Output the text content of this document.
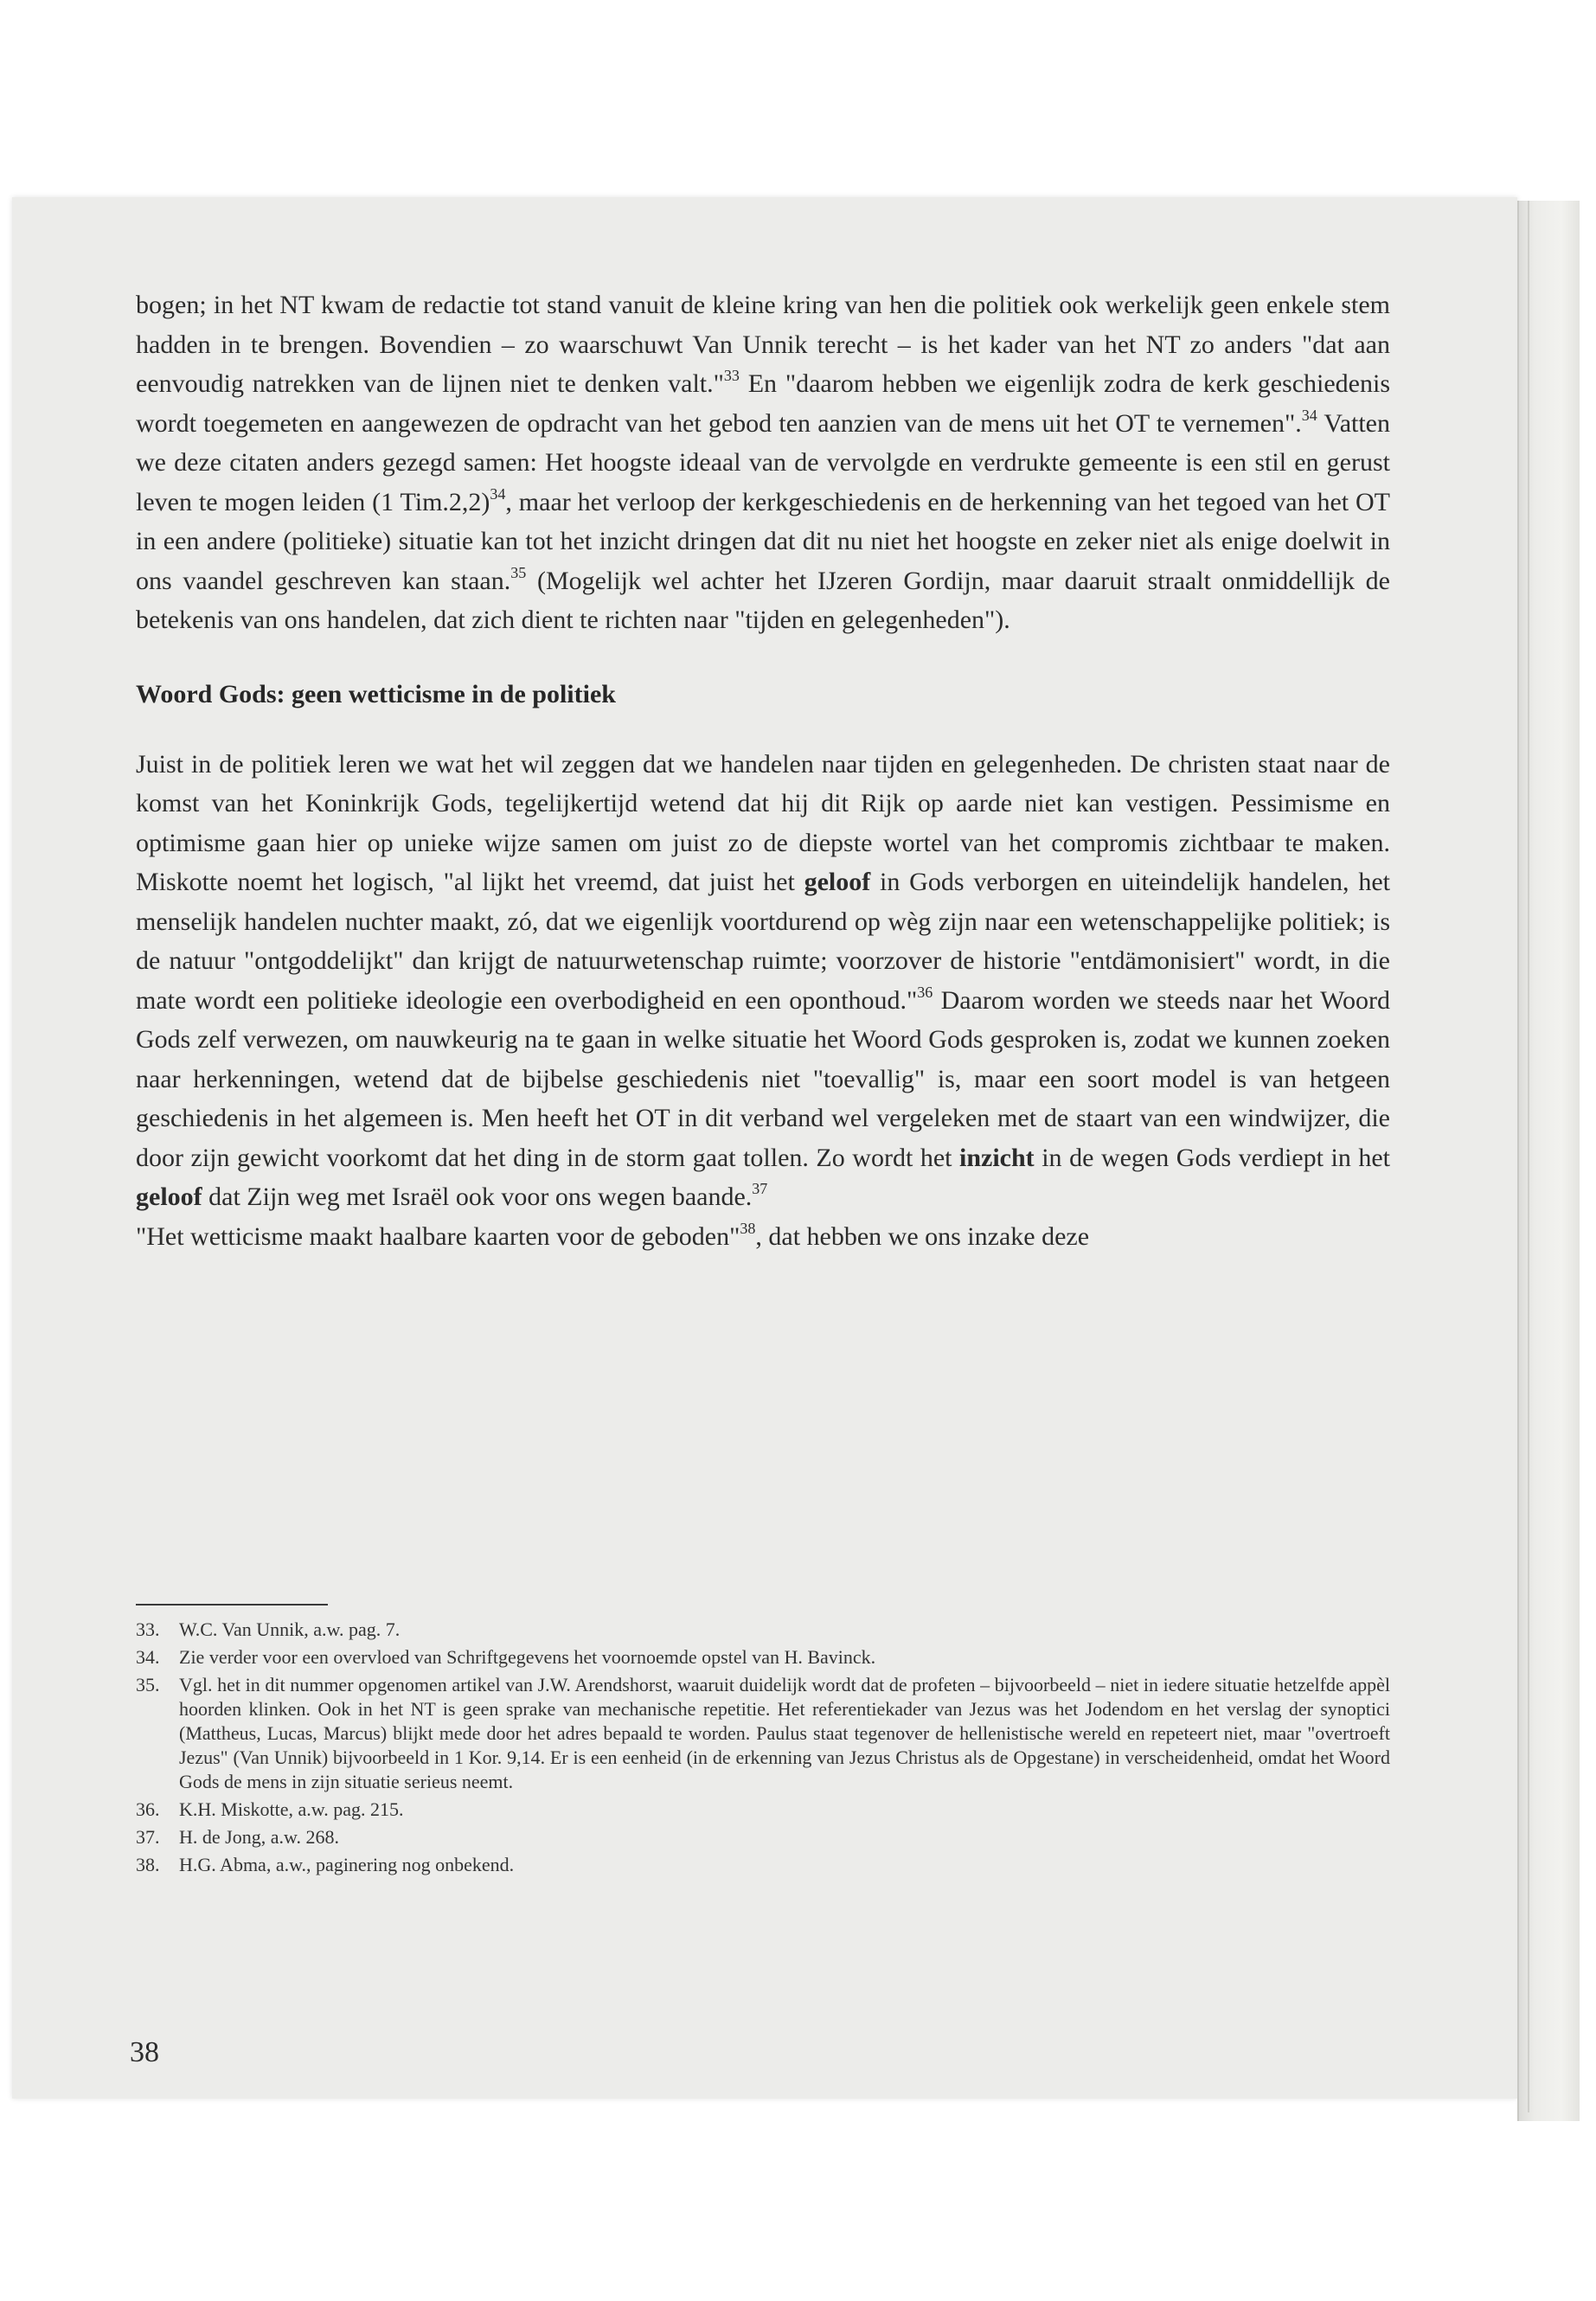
bogen; in het NT kwam de redactie tot stand vanuit de kleine kring van hen die politiek ook werkelijk geen enkele stem hadden in te brengen. Bovendien – zo waarschuwt Van Unnik terecht – is het kader van het NT zo anders "dat aan eenvoudig natrekken van de lijnen niet te denken valt."$^{33}$ En "daarom hebben we eigenlijk zodra de kerk geschiedenis wordt toegemeten en aangewezen de opdracht van het gebod ten aanzien van de mens uit het OT te vernemen".$^{34}$ Vatten we deze citaten anders gezegd samen: Het hoogste ideaal van de vervolgde en verdrukte gemeente is een stil en gerust leven te mogen leiden (1 Tim.2,2)$^{34}$, maar het verloop der kerkgeschiedenis en de herkenning van het tegoed van het OT in een andere (politieke) situatie kan tot het inzicht dringen dat dit nu niet het hoogste en zeker niet als enige doelwit in ons vaandel geschreven kan staan.$^{35}$ (Mogelijk wel achter het IJzeren Gordijn, maar daaruit straalt onmiddellijk de betekenis van ons handelen, dat zich dient te richten naar "tijden en gelegenheden").

Woord Gods: geen wetticisme in de politiek

Juist in de politiek leren we wat het wil zeggen dat we handelen naar tijden en gelegenheden. De christen staat naar de komst van het Koninkrijk Gods, tegelijkertijd wetend dat hij dit Rijk op aarde niet kan vestigen. Pessimisme en optimisme gaan hier op unieke wijze samen om juist zo de diepste wortel van het compromis zichtbaar te maken. Miskotte noemt het logisch, "al lijkt het vreemd, dat juist het geloof in Gods verborgen en uiteindelijk handelen, het menselijk handelen nuchter maakt, zó, dat we eigenlijk voortdurend op wèg zijn naar een wetenschappelijke politiek; is de natuur "ontgoddelijkt" dan krijgt de natuurwetenschap ruimte; voorzover de historie "entdämonisiert" wordt, in die mate wordt een politieke ideologie een overbodigheid en een oponthoud."$^{36}$ Daarom worden we steeds naar het Woord Gods zelf verwezen, om nauwkeurig na te gaan in welke situatie het Woord Gods gesproken is, zodat we kunnen zoeken naar herkenningen, wetend dat de bijbelse geschiedenis niet "toevallig" is, maar een soort model is van hetgeen geschiedenis in het algemeen is. Men heeft het OT in dit verband wel vergeleken met de staart van een windwijzer, die door zijn gewicht voorkomt dat het ding in de storm gaat tollen. Zo wordt het inzicht in de wegen Gods verdiept in het geloof dat Zijn weg met Israël ook voor ons wegen baande.$^{37}$

"Het wetticisme maakt haalbare kaarten voor de geboden"$^{38}$, dat hebben we ons inzake deze

33.	W.C. Van Unnik, a.w. pag. 7.
34.	Zie verder voor een overvloed van Schriftgegevens het voornoemde opstel van H. Bavinck.
35.	Vgl. het in dit nummer opgenomen artikel van J.W. Arendshorst, waaruit duidelijk wordt dat de profeten – bijvoorbeeld – niet in iedere situatie hetzelfde appèl hoorden klinken. Ook in het NT is geen sprake van mechanische repetitie. Het referentiekader van Jezus was het Jodendom en het verslag der synoptici (Mattheus, Lucas, Marcus) blijkt mede door het adres bepaald te worden. Paulus staat tegenover de hellenistische wereld en repeteert niet, maar "overtroeft Jezus" (Van Unnik) bijvoorbeeld in 1 Kor. 9,14. Er is een eenheid (in de erkenning van Jezus Christus als de Opgestane) in verscheidenheid, omdat het Woord Gods de mens in zijn situatie serieus neemt.
36.	K.H. Miskotte, a.w. pag. 215.
37.	H. de Jong, a.w. 268.
38.	H.G. Abma, a.w., paginering nog onbekend.
38
